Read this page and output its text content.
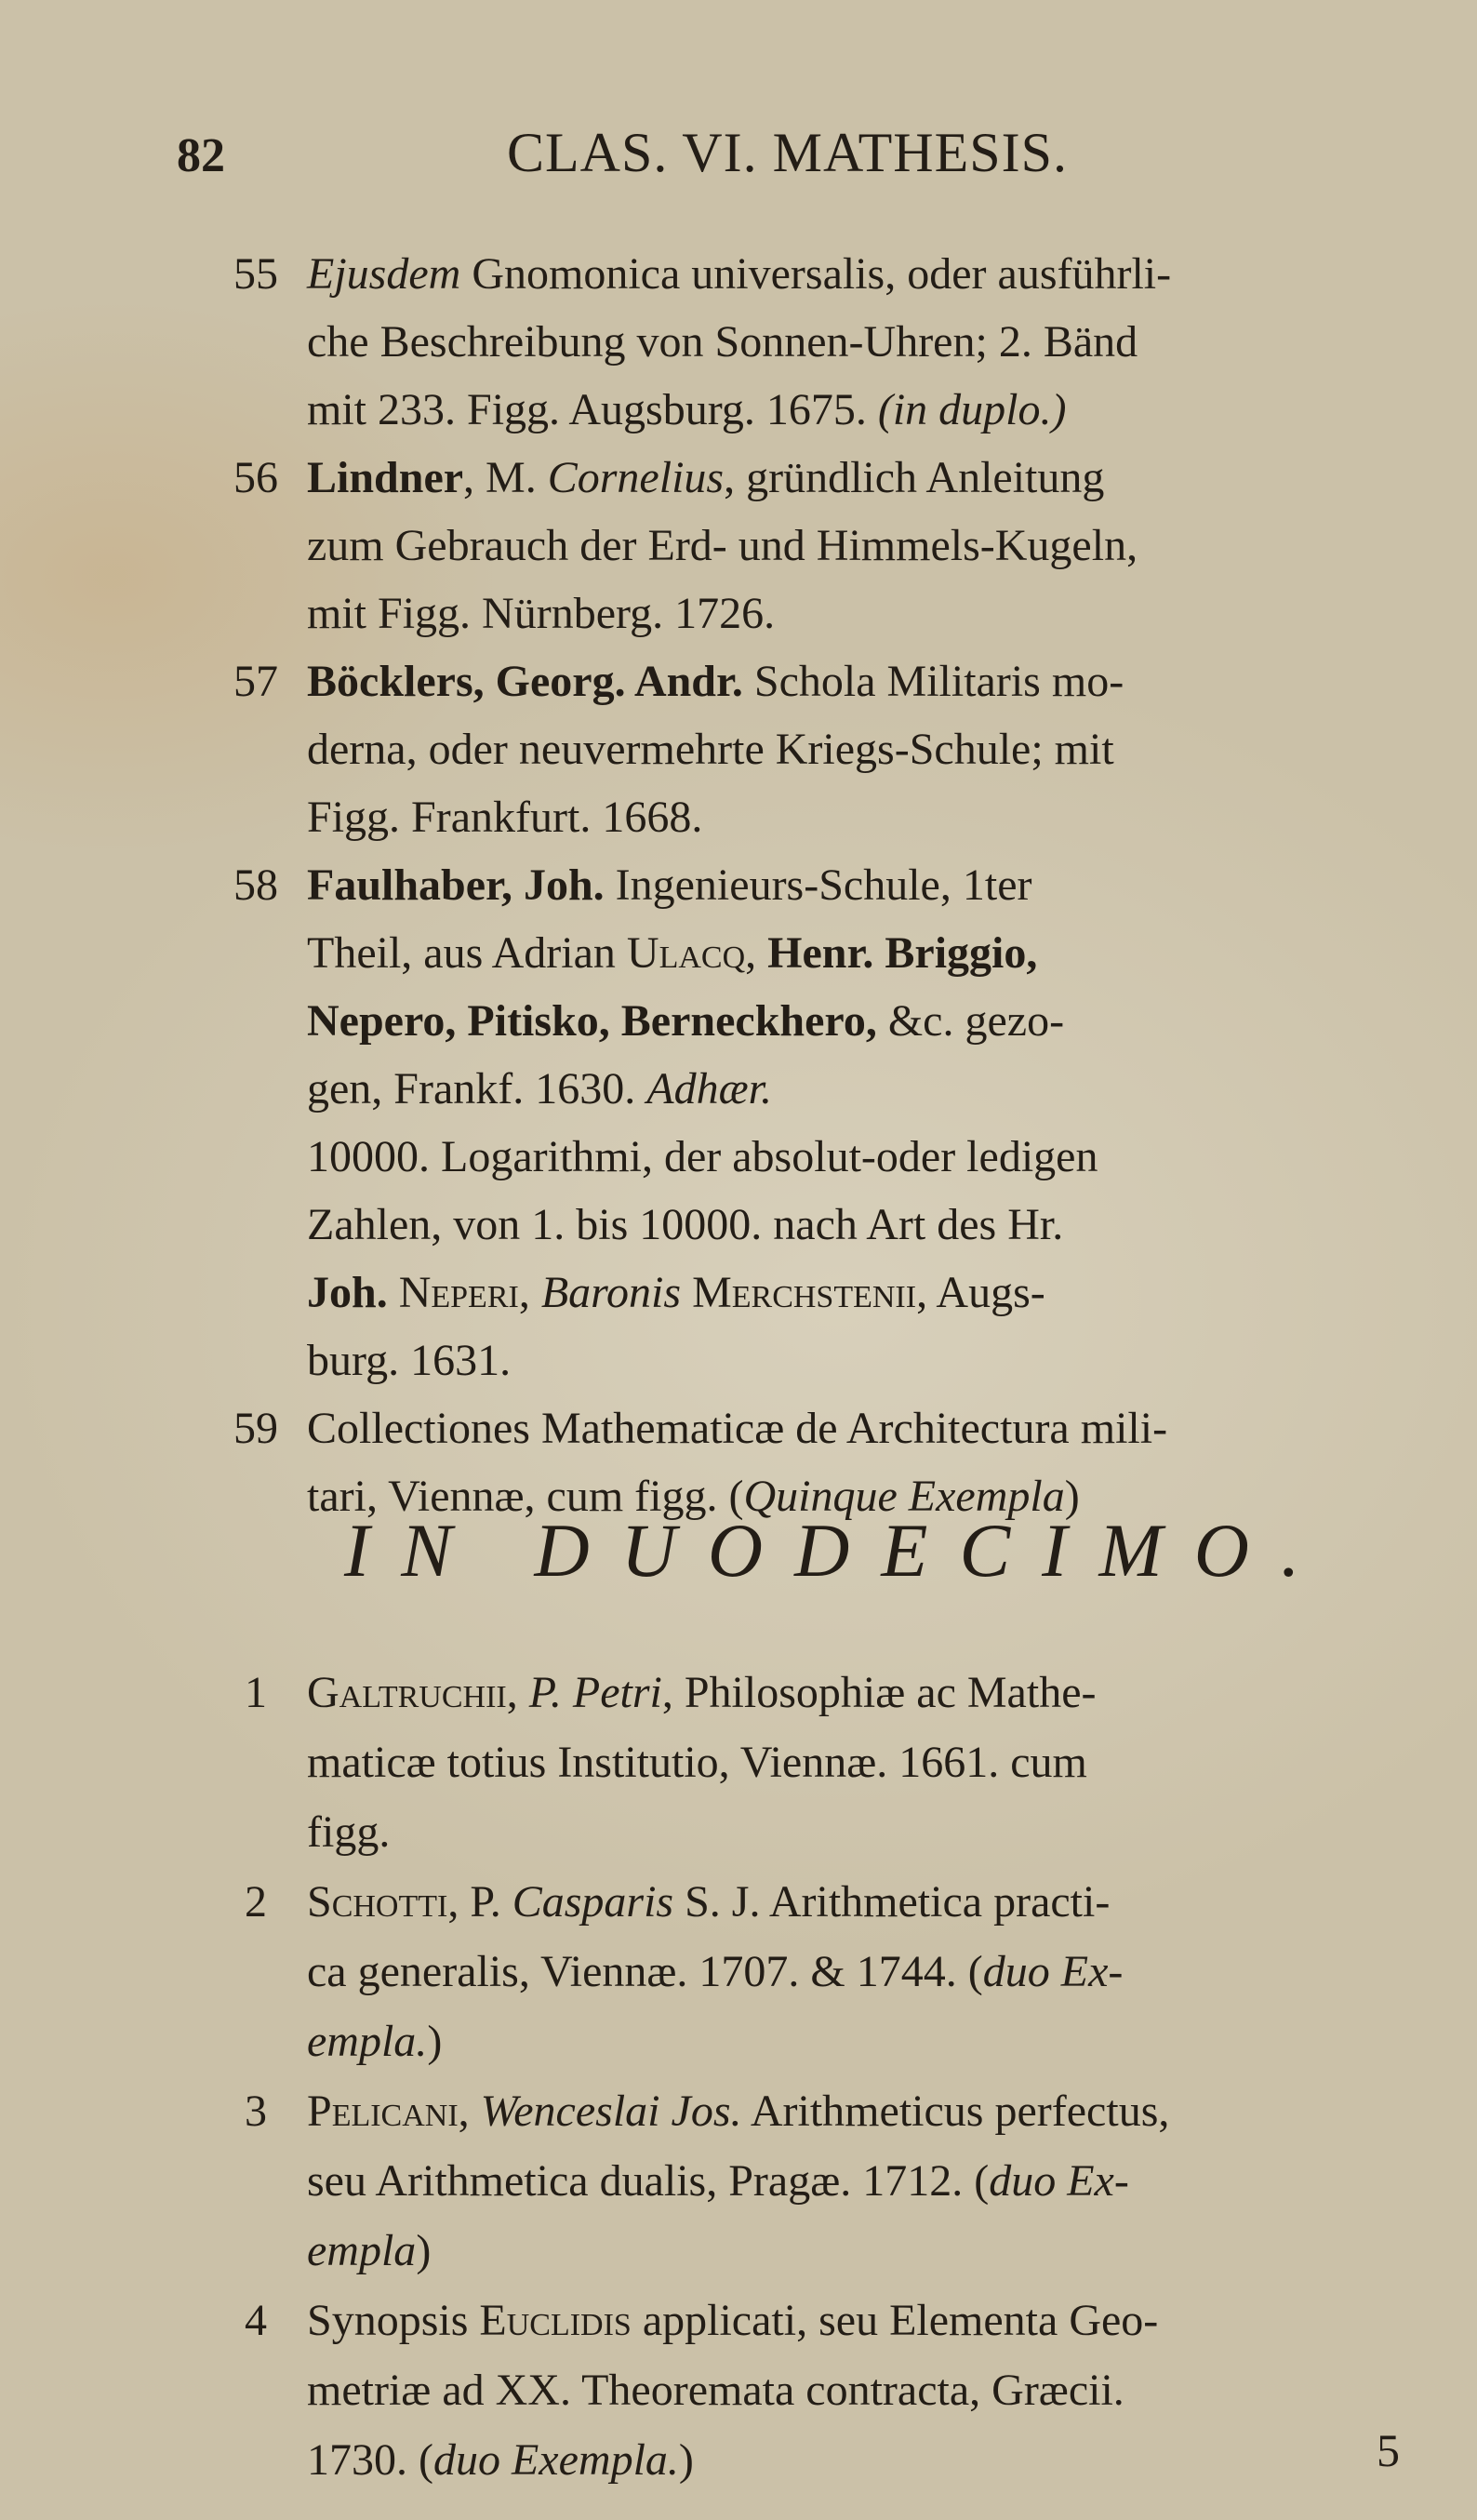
82	CLAS. VI. MATHESIS.
55 Ejusdem Gnomonica universalis, oder ausführli-
che Beschreibung von Sonnen-Uhren; 2. Bänd
mit 233. Figg. Augsburg. 1675. (in duplo.)
56 Lindner, M. Cornelius, gründlich Anleitung
zum Gebrauch der Erd- und Himmels-Kugeln,
mit Figg. Nürnberg. 1726.
57 Böcklers, Georg. Andr. Schola Militaris mo-
derna, oder neuvermehrte Kriegs-Schule; mit
Figg. Frankfurt. 1668.
58 Faulhaber, Joh. Ingenieurs-Schule, 1ter
Theil, aus Adrian Ulacq, Henr. Briggio,
Nepero, Pitisko, Berneckhero, &c. gezo-
gen, Frankf. 1630. Adhær.
10000. Logarithmi, der absolut-oder ledigen
Zahlen, von 1. bis 10000. nach Art des Hr.
Joh. Neperi, Baronis Merchstenii, Augs-
burg. 1631.
59 Collectiones Mathematicæ de Architectura mili-
tari, Viennæ, cum figg. (Quinque Exempla)
IN DUODECIMO.
1 Galtruchii, P. Petri, Philosophiæ ac Mathe-
maticæ totius Institutio, Viennæ. 1661. cum
figg.
2 Schotti, P. Casparis S. J. Arithmetica practi-
ca generalis, Viennæ. 1707. & 1744. (duo Ex-
empla.)
3 Pelicani, Wenceslai Jos. Arithmeticus perfectus,
seu Arithmetica dualis, Pragæ. 1712. (duo Ex-
empla)
4 Synopsis Euclidis applicati, seu Elementa Geo-
metriæ ad XX. Theoremata contracta, Græcii.
1730. (duo Exempla.)	5
